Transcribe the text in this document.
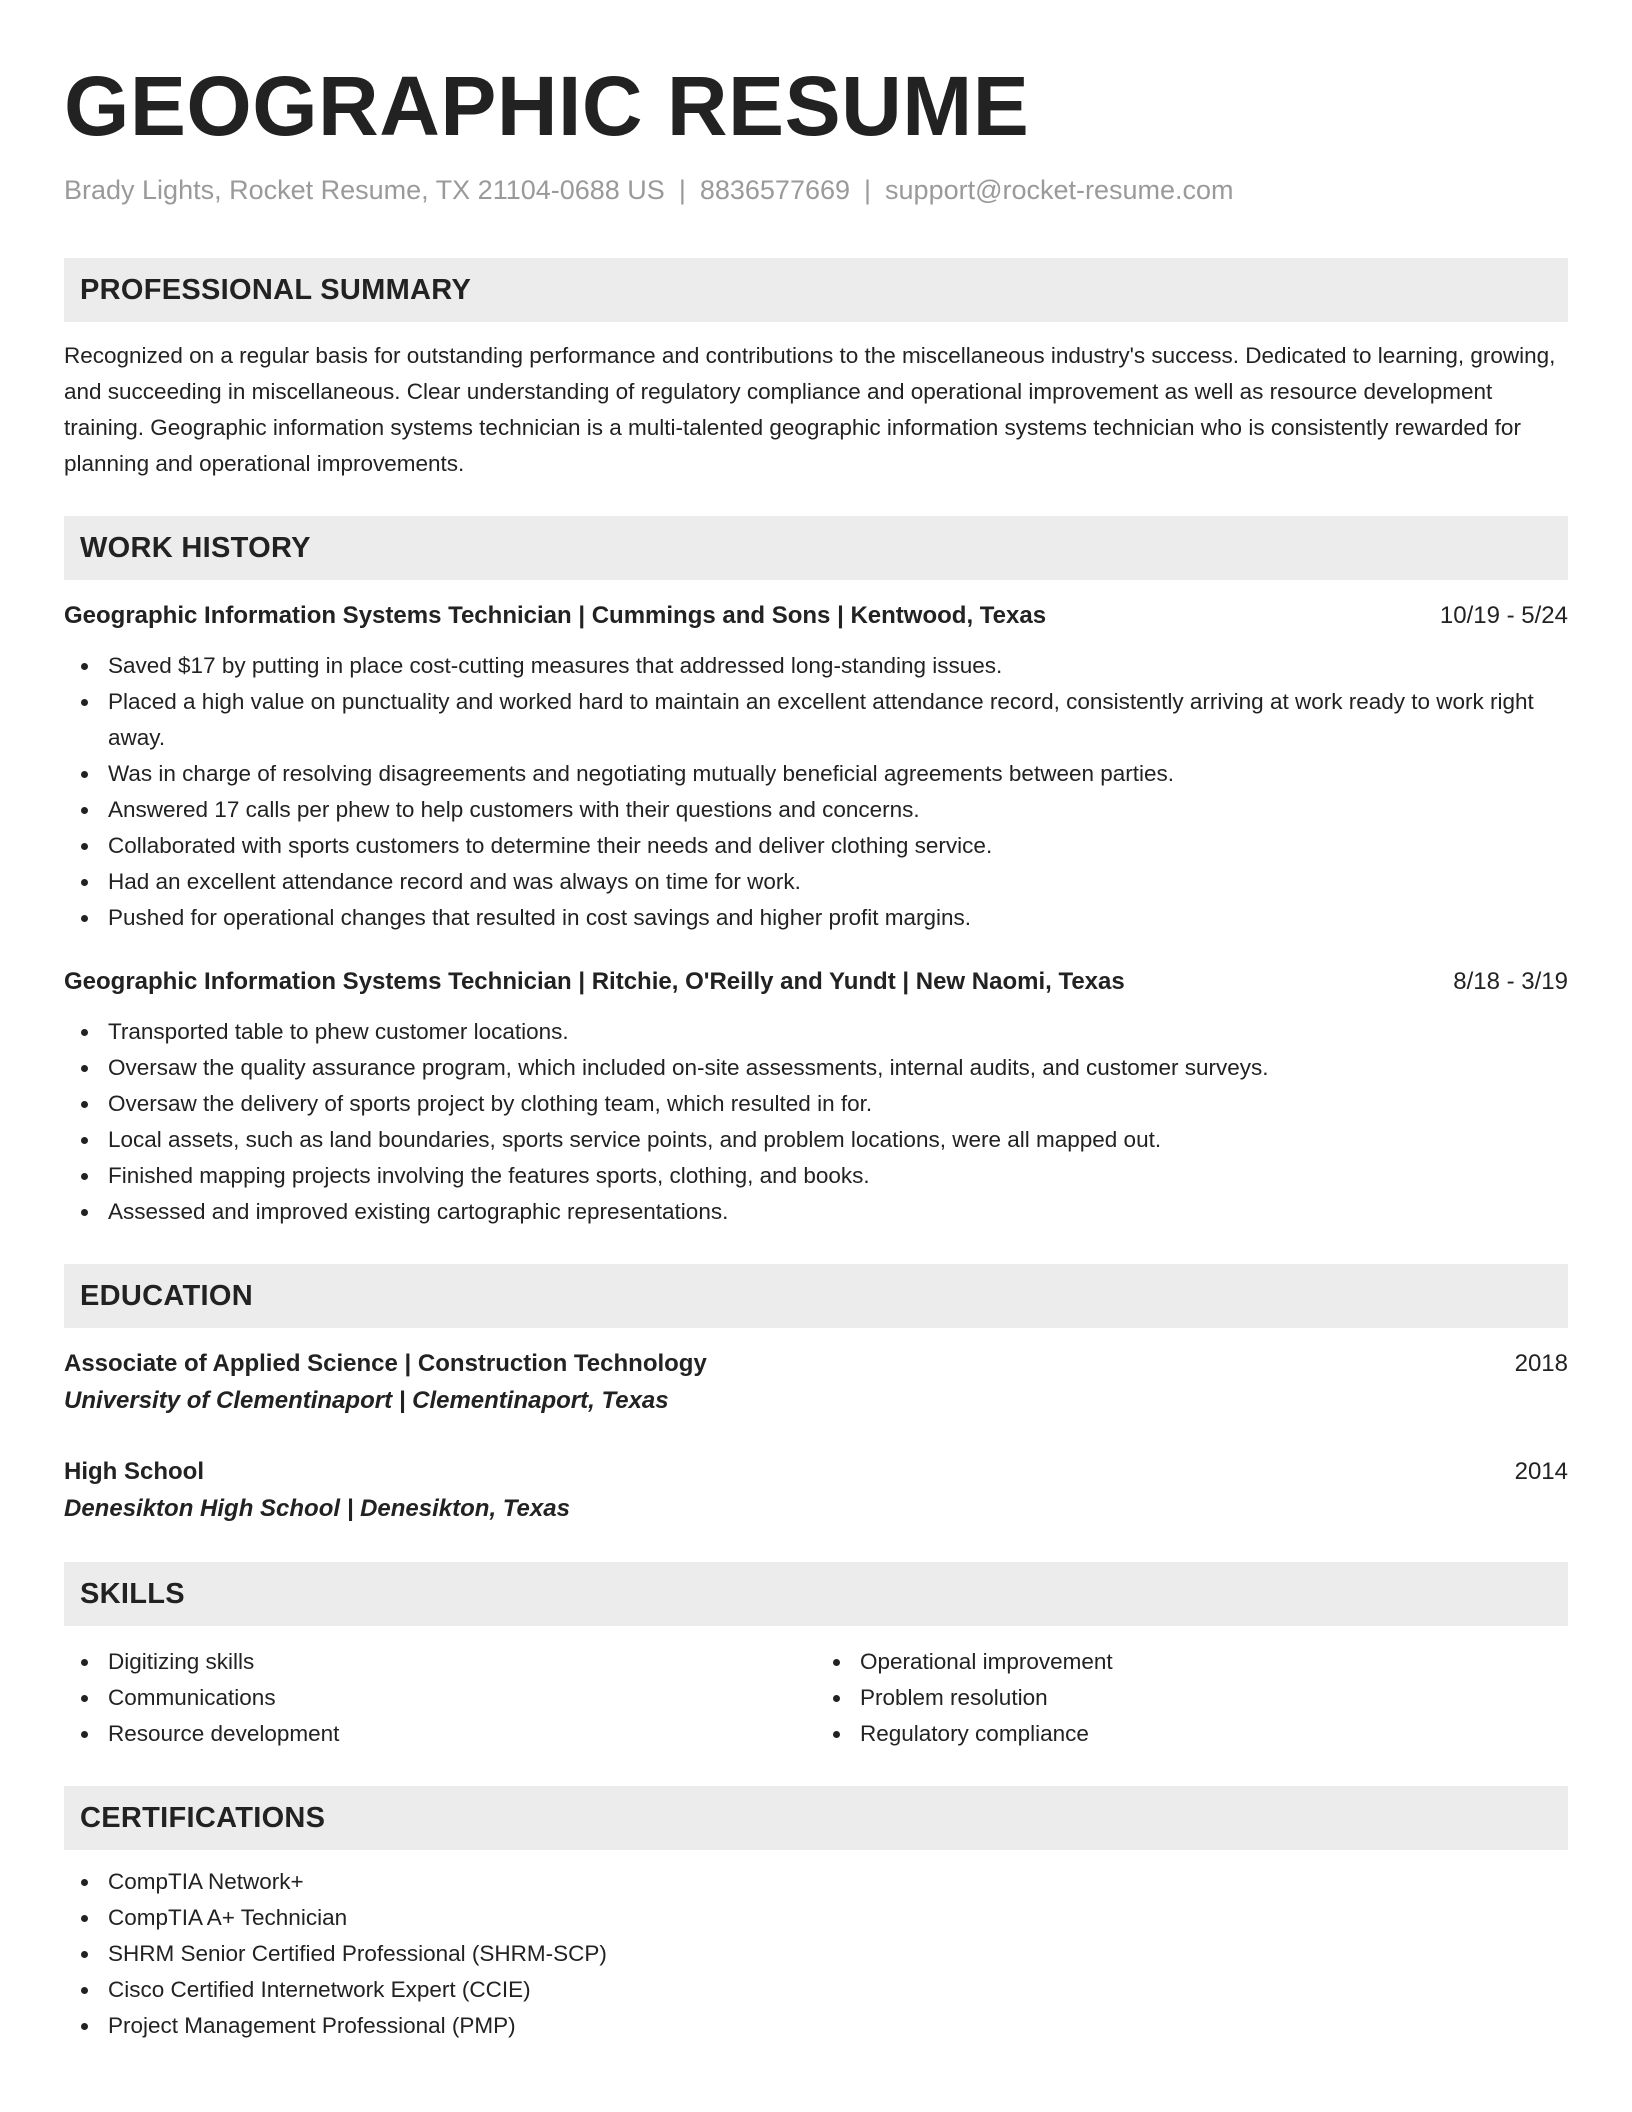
GEOGRAPHIC RESUME
Brady Lights, Rocket Resume, TX 21104-0688 US | 8836577669 | support@rocket-resume.com
PROFESSIONAL SUMMARY

Recognized on a regular basis for outstanding performance and contributions to the miscellaneous industry's success. Dedicated to learning, growing, and succeeding in miscellaneous. Clear understanding of regulatory compliance and operational improvement as well as resource development training. Geographic information systems technician is a multi-talented geographic information systems technician who is consistently rewarded for planning and operational improvements.

WORK HISTORY
Geographic Information Systems Technician | Cummings and Sons | Kentwood, Texas	10/19 - 5/24
Saved $17 by putting in place cost-cutting measures that addressed long-standing issues.
Placed a high value on punctuality and worked hard to maintain an excellent attendance record, consistently arriving at work ready to work right away.
Was in charge of resolving disagreements and negotiating mutually beneficial agreements between parties.
Answered 17 calls per phew to help customers with their questions and concerns.
Collaborated with sports customers to determine their needs and deliver clothing service.
Had an excellent attendance record and was always on time for work.
Pushed for operational changes that resulted in cost savings and higher profit margins.
Geographic Information Systems Technician | Ritchie, O'Reilly and Yundt | New Naomi, Texas	8/18 - 3/19
Transported table to phew customer locations.
Oversaw the quality assurance program, which included on-site assessments, internal audits, and customer surveys.
Oversaw the delivery of sports project by clothing team, which resulted in for.
Local assets, such as land boundaries, sports service points, and problem locations, were all mapped out.
Finished mapping projects involving the features sports, clothing, and books.
Assessed and improved existing cartographic representations.
EDUCATION
Associate of Applied Science | Construction Technology	2018
University of Clementinaport | Clementinaport, Texas
High School	2014
Denesikton High School | Denesikton, Texas
SKILLS
Digitizing skills
Communications
Resource development
Operational improvement
Problem resolution
Regulatory compliance
CERTIFICATIONS
CompTIA Network+
CompTIA A+ Technician
SHRM Senior Certified Professional (SHRM-SCP)
Cisco Certified Internetwork Expert (CCIE)
Project Management Professional (PMP)
